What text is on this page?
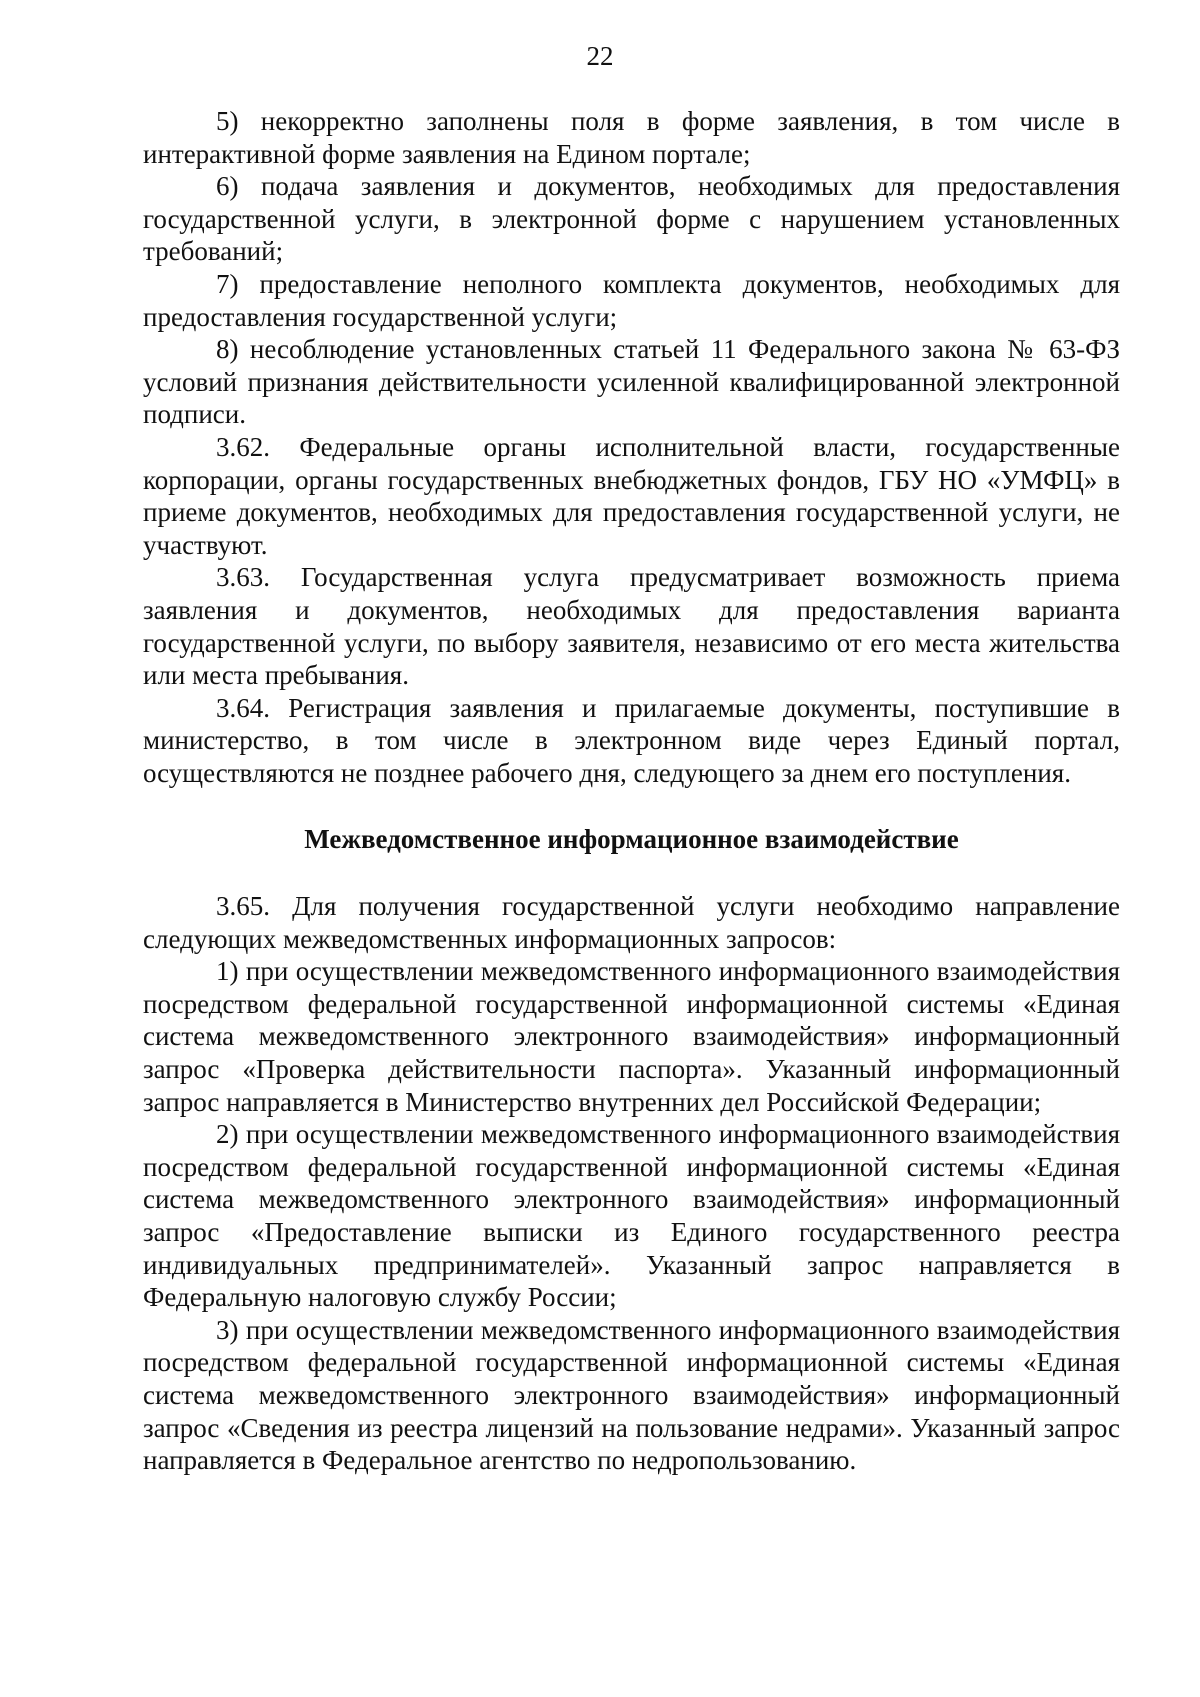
22

5) некорректно заполнены поля в форме заявления, в том числе в интерактивной форме заявления на Едином портале;

6) подача заявления и документов, необходимых для предоставления государственной услуги, в электронной форме с нарушением установленных требований;

7) предоставление неполного комплекта документов, необходимых для предоставления государственной услуги;

8) несоблюдение установленных статьей 11 Федерального закона № 63-ФЗ условий признания действительности усиленной квалифицированной электронной подписи.

3.62. Федеральные органы исполнительной власти, государственные корпорации, органы государственных внебюджетных фондов, ГБУ НО «УМФЦ» в приеме документов, необходимых для предоставления государственной услуги, не участвуют.

3.63. Государственная услуга предусматривает возможность приема заявления и документов, необходимых для предоставления варианта государственной услуги, по выбору заявителя, независимо от его места жительства или места пребывания.

3.64. Регистрация заявления и прилагаемые документы, поступившие в министерство, в том числе в электронном виде через Единый портал, осуществляются не позднее рабочего дня, следующего за днем его поступления.

Межведомственное информационное взаимодействие

3.65. Для получения государственной услуги необходимо направление следующих межведомственных информационных запросов:

1) при осуществлении межведомственного информационного взаимодействия посредством федеральной государственной информационной системы «Единая система межведомственного электронного взаимодействия» информационный запрос «Проверка действительности паспорта». Указанный информационный запрос направляется в Министерство внутренних дел Российской Федерации;

2) при осуществлении межведомственного информационного взаимодействия посредством федеральной государственной информационной системы «Единая система межведомственного электронного взаимодействия» информационный запрос «Предоставление выписки из Единого государственного реестра индивидуальных предпринимателей». Указанный запрос направляется в Федеральную налоговую службу России;

3) при осуществлении межведомственного информационного взаимодействия посредством федеральной государственной информационной системы «Единая система межведомственного электронного взаимодействия» информационный запрос «Сведения из реестра лицензий на пользование недрами». Указанный запрос направляется в Федеральное агентство по недропользованию.
